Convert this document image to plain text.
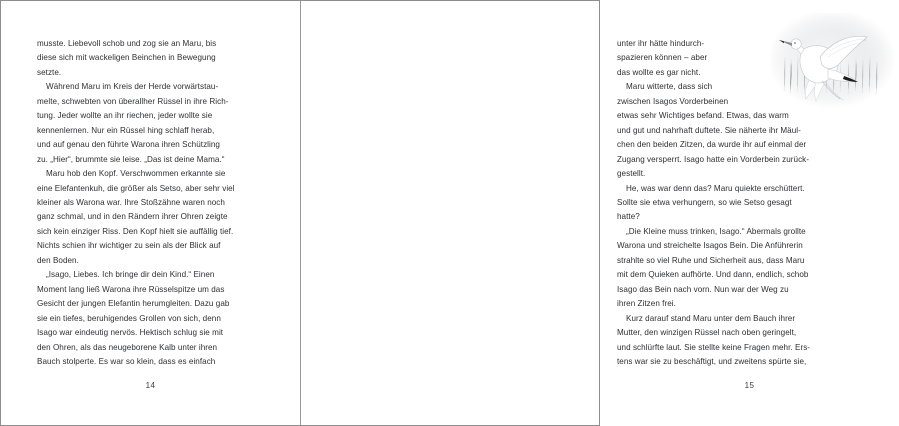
musste. Liebevoll schob und zog sie an Maru, bis
diese sich mit wackeligen Beinchen in Bewegung
setzte.

Während Maru im Kreis der Herde vorwärtstau-
melte, schwebten von überallher Rüssel in ihre Rich-
tung. Jeder wollte an ihr riechen, jeder wollte sie
kennenlernen. Nur ein Rüssel hing schlaff herab,
und auf genau den führte Warona ihren Schützling
zu. „Hier“, brummte sie leise. „Das ist deine Mama.“

Maru hob den Kopf. Verschwommen erkannte sie
eine Elefantenkuh, die größer als Setso, aber sehr viel
kleiner als Warona war. Ihre Stoßzähne waren noch
ganz schmal, und in den Rändern ihrer Ohren zeigte
sich kein einziger Riss. Den Kopf hielt sie auffällig tief.
Nichts schien ihr wichtiger zu sein als der Blick auf
den Boden.

„Isago, Liebes. Ich bringe dir dein Kind.“ Einen
Moment lang ließ Warona ihre Rüsselspitze um das
Gesicht der jungen Elefantin herumgleiten. Dazu gab
sie ein tiefes, beruhigendes Grollen von sich, denn
Isago war eindeutig nervös. Hektisch schlug sie mit
den Ohren, als das neugeborene Kalb unter ihren
Bauch stolperte. Es war so klein, dass es einfach

14

unter ihr hätte hindurch-
spazieren können – aber
das wollte es gar nicht.

Maru witterte, dass sich
zwischen Isagos Vorderbeinen
etwas sehr Wichtiges befand. Etwas, das warm
und gut und nahrhaft duftete. Sie näherte ihr Mäul-
chen den beiden Zitzen, da wurde ihr auf einmal der
Zugang versperrt. Isago hatte ein Vorderbein zurück-
gestellt.

He, was war denn das? Maru quiekte erschüttert.
Sollte sie etwa verhungern, so wie Setso gesagt
hatte?

„Die Kleine muss trinken, Isago.“ Abermals grollte
Warona und streichelte Isagos Bein. Die Anführerin
strahlte so viel Ruhe und Sicherheit aus, dass Maru
mit dem Quieken aufhörte. Und dann, endlich, schob
Isago das Bein nach vorn. Nun war der Weg zu
ihren Zitzen frei.

Kurz darauf stand Maru unter dem Bauch ihrer
Mutter, den winzigen Rüssel nach oben geringelt,
und schlürfte laut. Sie stellte keine Fragen mehr. Ers-
tens war sie zu beschäftigt, und zweitens spürte sie,

15
